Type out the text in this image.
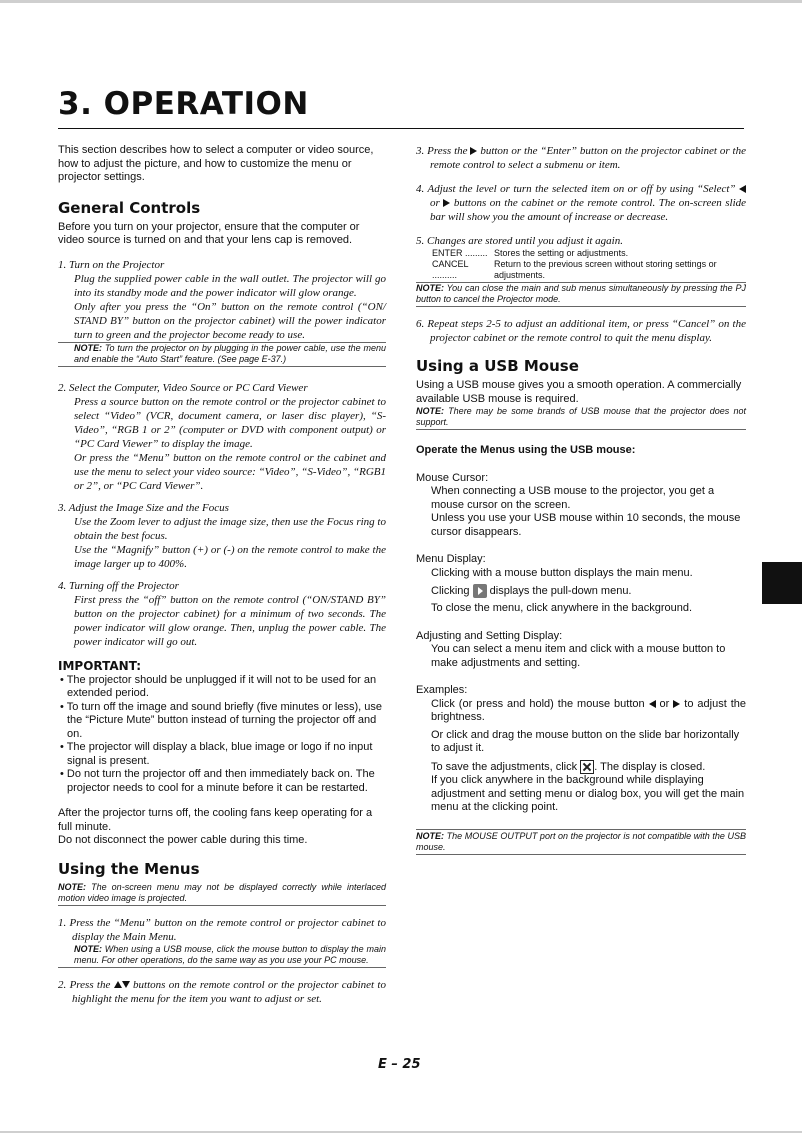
3. OPERATION

This section describes how to select a computer or video source, how to adjust the picture, and how to customize the menu or projector settings.

General Controls

Before you turn on your projector, ensure that the computer or video source is turned on and that your lens cap is removed.

1. Turn on the Projector

Plug the supplied power cable in the wall outlet. The projector will go into its standby mode and the power indicator will glow orange.

Only after you press the “On” button on the remote control (“ON/ STAND BY” button on the projector cabinet) will the power indicator turn to green and the projector become ready to use.

NOTE: To turn the projector on by plugging in the power cable, use the menu and enable the “Auto Start” feature. (See page E-37.)

2. Select the Computer, Video Source or PC Card Viewer

Press a source button on the remote control or the projector cabinet to select “Video” (VCR, document camera, or laser disc player), “S-Video”, “RGB 1 or 2” (computer or DVD with component output) or “PC Card Viewer” to display the image.

Or press the “Menu” button on the remote control or the cabinet and use the menu to select your video source: “Video”, “S-Video”, “RGB1 or 2”, or “PC Card Viewer”.

3. Adjust the Image Size and the Focus

Use the Zoom lever to adjust the image size, then use the Focus ring to obtain the best focus.

Use the “Magnify” button (+) or (-) on the remote control to make the image larger up to 400%.

4. Turning off the Projector

First press the “off” button on the remote control (“ON/STAND BY” button on the projector cabinet) for a minimum of two seconds. The power indicator will glow orange. Then, unplug the power cable. The power indicator will go out.

IMPORTANT:

• The projector should be unplugged if it will not to be used for an extended period.

• To turn off the image and sound briefly (five minutes or less), use the “Picture Mute” button instead of turning the projector off and on.

• The projector will display a black, blue image or logo if no input signal is present.

• Do not turn the projector off and then immediately back on. The projector needs to cool for a minute before it can be restarted.

After the projector turns off, the cooling fans keep operating for a full minute.

Do not disconnect the power cable during this time.

Using the Menus

NOTE: The on-screen menu may not be displayed correctly while interlaced motion video image is projected.

1. Press the “Menu” button on the remote control or projector cabinet to display the Main Menu.

NOTE: When using a USB mouse, click the mouse button to display the main menu. For other operations, do the same way as you use your PC mouse.

2. Press the  buttons on the remote control or the projector cabinet to highlight the menu for the item you want to adjust or set.

3. Press the  button or the “Enter” button on the projector cabinet or the remote control to select a submenu or item.

4. Adjust the level or turn the selected item on or off by using “Select”  or  buttons on the cabinet or the remote control. The on-screen slide bar will show you the amount of increase or decrease.

5. Changes are stored until you adjust it again.

ENTER ......... Stores the setting or adjustments.
CANCEL ..........
Return to the previous screen without storing settings or adjustments.

NOTE: You can close the main and sub menus simultaneously by pressing the PJ button to cancel the Projector mode.

6. Repeat steps 2-5 to adjust an additional item, or press “Cancel” on the projector cabinet or the remote control to quit the menu display.

Using a USB Mouse

Using a USB mouse gives you a smooth operation. A commercially available USB mouse is required.

NOTE: There may be some brands of USB mouse that the projector does not support.

Operate the Menus using the USB mouse:

Mouse Cursor:

When connecting a USB mouse to the projector, you get a mouse cursor on the screen.

Unless you use your USB mouse within 10 seconds, the mouse cursor disappears.

Menu Display:

Clicking with a mouse button displays the main menu.

Clicking  displays the pull-down menu.

To close the menu, click anywhere in the background.

Adjusting and Setting Display:

You can select a menu item and click with a mouse button to make adjustments and setting.

Examples:

Click (or press and hold) the mouse button  or  to adjust the brightness.

Or click and drag the mouse button on the slide bar horizontally to adjust it.

To save the adjustments, click . The display is closed.

If you click anywhere in the background while displaying adjustment and setting menu or dialog box, you will get the main menu at the clicking point.

NOTE: The MOUSE OUTPUT port on the projector is not compatible with the USB mouse.

E – 25
